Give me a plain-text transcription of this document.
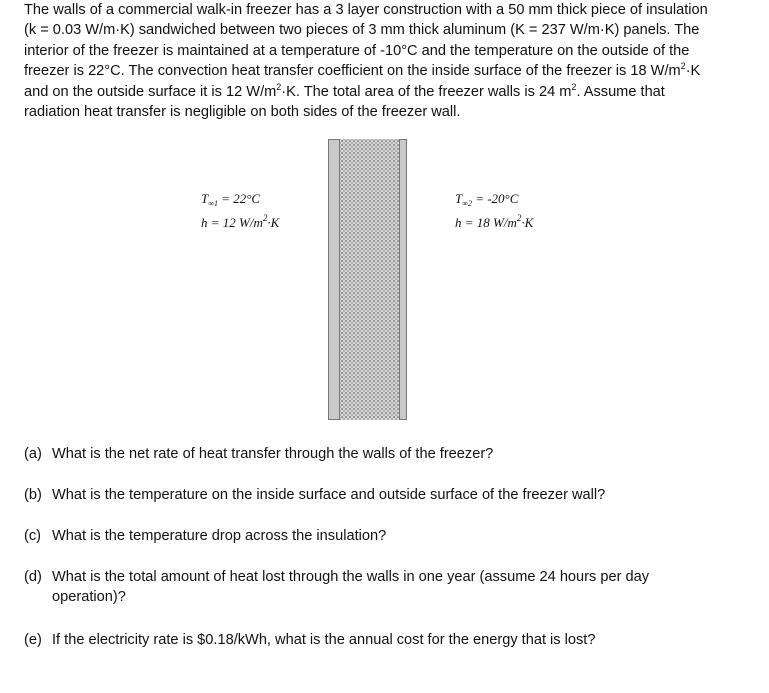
The walls of a commercial walk-in freezer has a 3 layer construction with a 50 mm thick piece of insulation
(k = 0.03 W/m·K) sandwiched between two pieces of 3 mm thick aluminum (K = 237 W/m·K) panels. The
interior of the freezer is maintained at a temperature of -10°C and the temperature on the outside of the
freezer is 22°C. The convection heat transfer coefficient on the inside surface of the freezer is 18 $W/m^2\cdot K$
and on the outside surface it is 12 $W/m^2\cdot K$. The total area of the freezer walls is 24 $m^2$. Assume that
radiation heat transfer is negligible on both sides of the freezer wall.
$T_{\infty 1} = 22^\circ C$
h = 12 $W/m^2\cdot K$
$T_{\infty 2} = -20^\circ C$
h = 18 $W/m^2\cdot K$
(a) What is the net rate of heat transfer through the walls of the freezer?
(b) What is the temperature on the inside surface and outside surface of the freezer wall?
(c) What is the temperature drop across the insulation?
(d) What is the total amount of heat lost through the walls in one year (assume 24 hours per day
operation)?
(e) If the electricity rate is $0.18/kWh, what is the annual cost for the energy that is lost?
